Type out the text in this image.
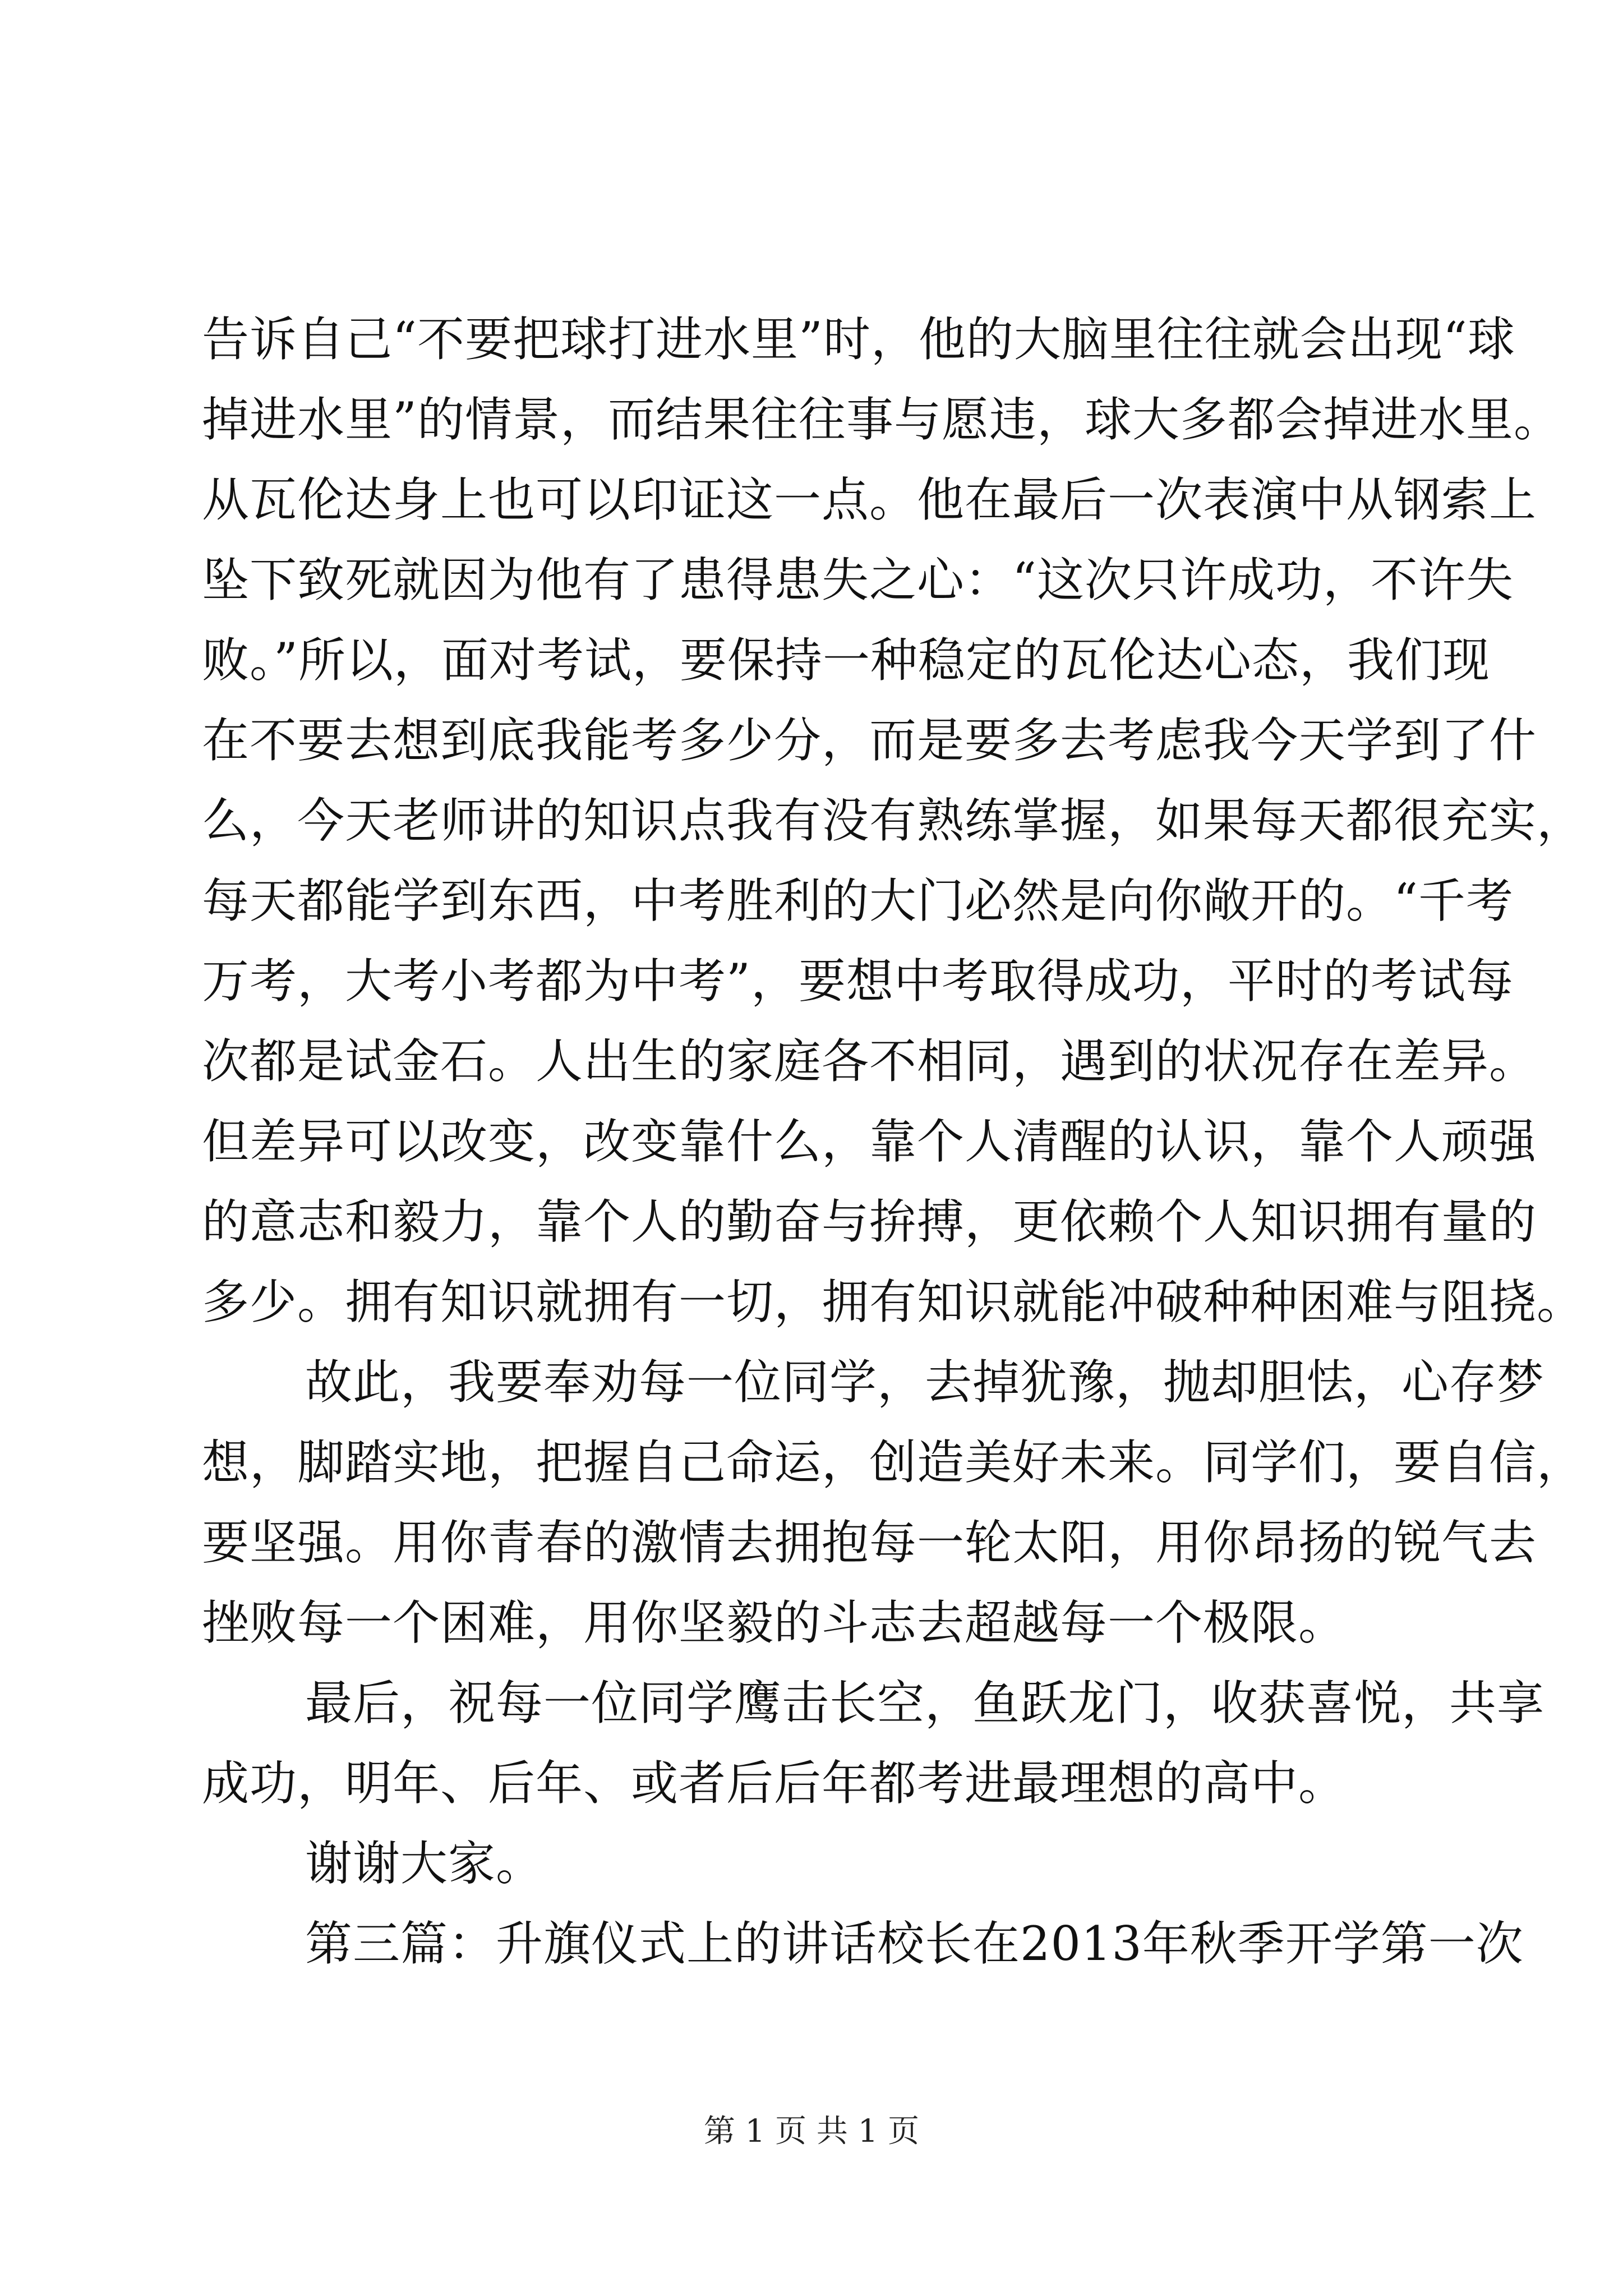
告诉自己“不要把球打进水里”时，他的大脑里往往就会出现“球
掉进水里”的情景，而结果往往事与愿违，球大多都会掉进水里。
从瓦伦达身上也可以印证这一点。他在最后一次表演中从钢索上
坠下致死就因为他有了患得患失之心：“这次只许成功，不许失
败。”所以，面对考试，要保持一种稳定的瓦伦达心态，我们现
在不要去想到底我能考多少分，而是要多去考虑我今天学到了什
么，今天老师讲的知识点我有没有熟练掌握，如果每天都很充实，
每天都能学到东西，中考胜利的大门必然是向你敞开的。“千考
万考，大考小考都为中考”，要想中考取得成功，平时的考试每
次都是试金石。人出生的家庭各不相同，遇到的状况存在差异。
但差异可以改变，改变靠什么，靠个人清醒的认识，靠个人顽强
的意志和毅力，靠个人的勤奋与拚搏，更依赖个人知识拥有量的
多少。拥有知识就拥有一切，拥有知识就能冲破种种困难与阻挠。
故此，我要奉劝每一位同学，去掉犹豫，抛却胆怯，心存梦
想，脚踏实地，把握自己命运，创造美好未来。同学们，要自信，
要坚强。用你青春的激情去拥抱每一轮太阳，用你昂扬的锐气去
挫败每一个困难，用你坚毅的斗志去超越每一个极限。
最后，祝每一位同学鹰击长空，鱼跃龙门，收获喜悦，共享
成功，明年、后年、或者后后年都考进最理想的高中。
谢谢大家。
第三篇：升旗仪式上的讲话校长在2013年秋季开学第一次
第 1 页 共 1 页
